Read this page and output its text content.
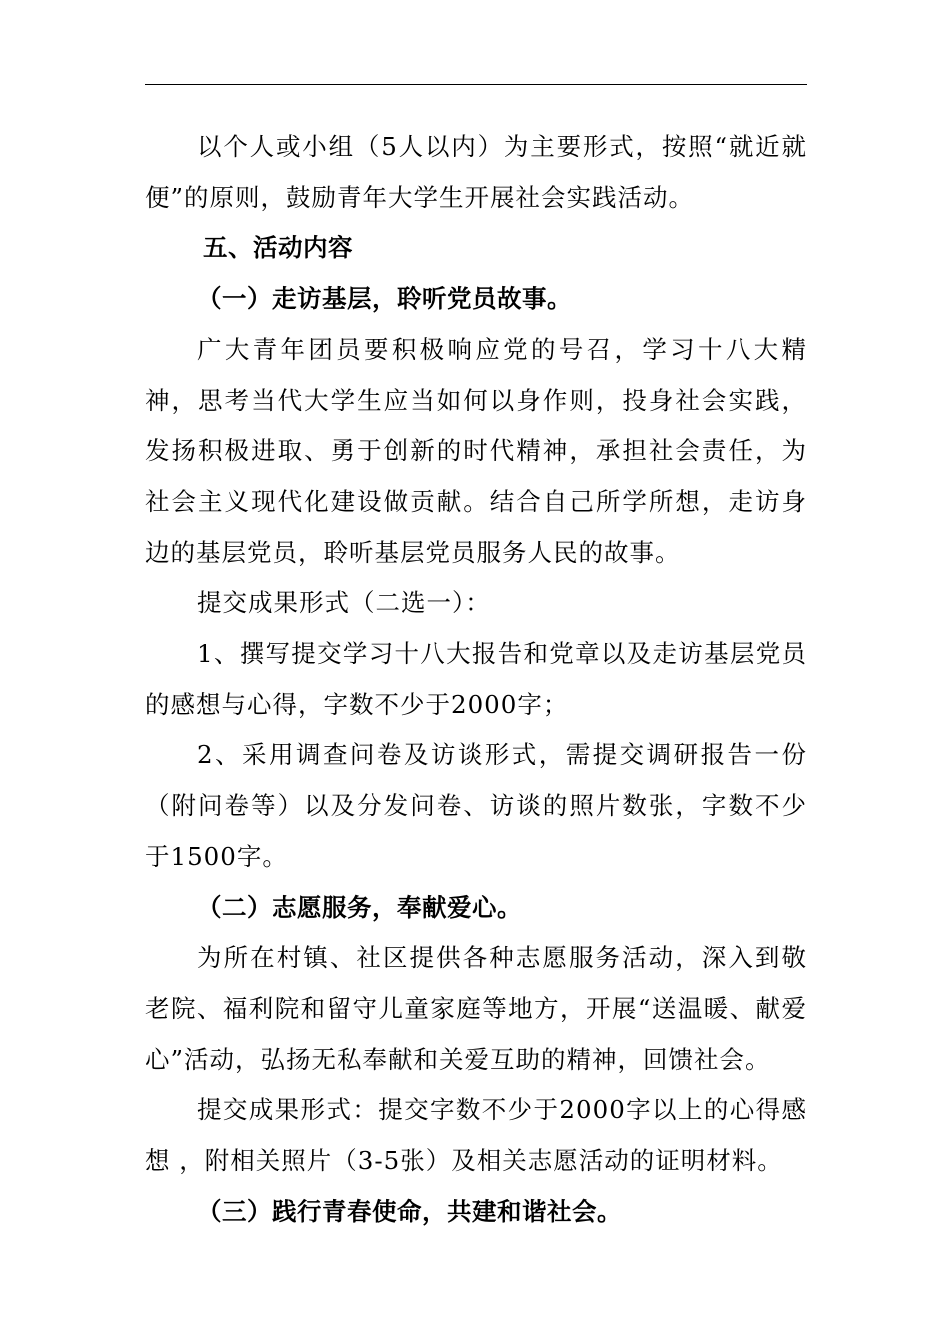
以个人或小组（5人以内）为主要形式，按照“就近就便”的原则，鼓励青年大学生开展社会实践活动。

五、活动内容

（一）走访基层，聆听党员故事。

广大青年团员要积极响应党的号召，学习十八大精神，思考当代大学生应当如何以身作则，投身社会实践，发扬积极进取、勇于创新的时代精神，承担社会责任，为社会主义现代化建设做贡献。结合自己所学所想，走访身边的基层党员，聆听基层党员服务人民的故事。

提交成果形式（二选一）：

1、撰写提交学习十八大报告和党章以及走访基层党员的感想与心得，字数不少于2000字；

2、采用调查问卷及访谈形式，需提交调研报告一份（附问卷等）以及分发问卷、访谈的照片数张，字数不少于1500字。

（二）志愿服务，奉献爱心。

为所在村镇、社区提供各种志愿服务活动，深入到敬老院、福利院和留守儿童家庭等地方，开展“送温暖、献爱心”活动，弘扬无私奉献和关爱互助的精神，回馈社会。

提交成果形式：提交字数不少于2000字以上的心得感想 ，附相关照片（3-5张）及相关志愿活动的证明材料。

（三）践行青春使命，共建和谐社会。
